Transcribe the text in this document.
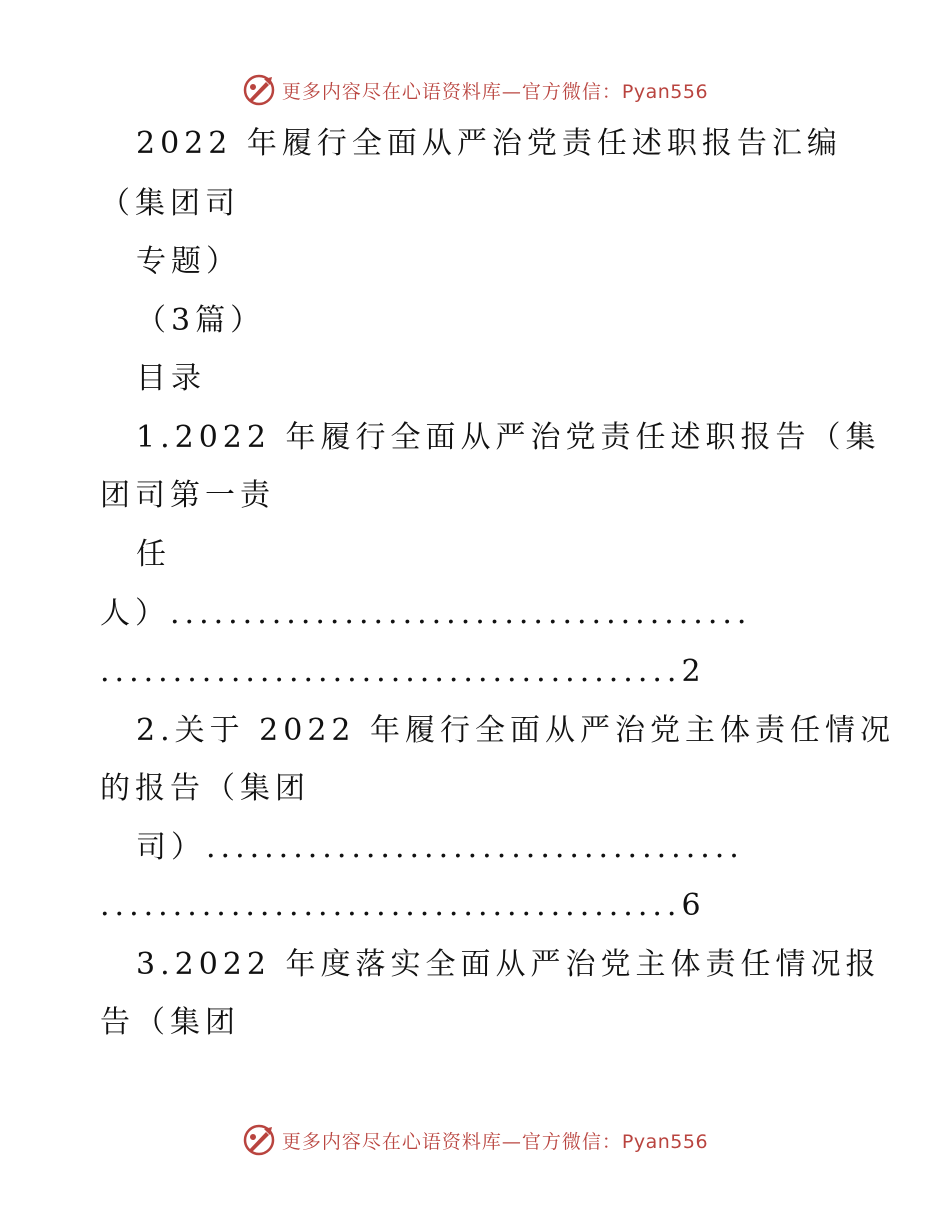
更多内容尽在心语资料库—官方微信：Pyan556
2022 年履行全面从严治党责任述职报告汇编
（集团司
专题）
（3篇）
目录
1.2022 年履行全面从严治党责任述职报告（集
团司第一责
任
人）........................................
........................................2
2.关于 2022 年履行全面从严治党主体责任情况
的报告（集团
司）.....................................
........................................6
3.2022 年度落实全面从严治党主体责任情况报
告（集团
更多内容尽在心语资料库—官方微信：Pyan556
